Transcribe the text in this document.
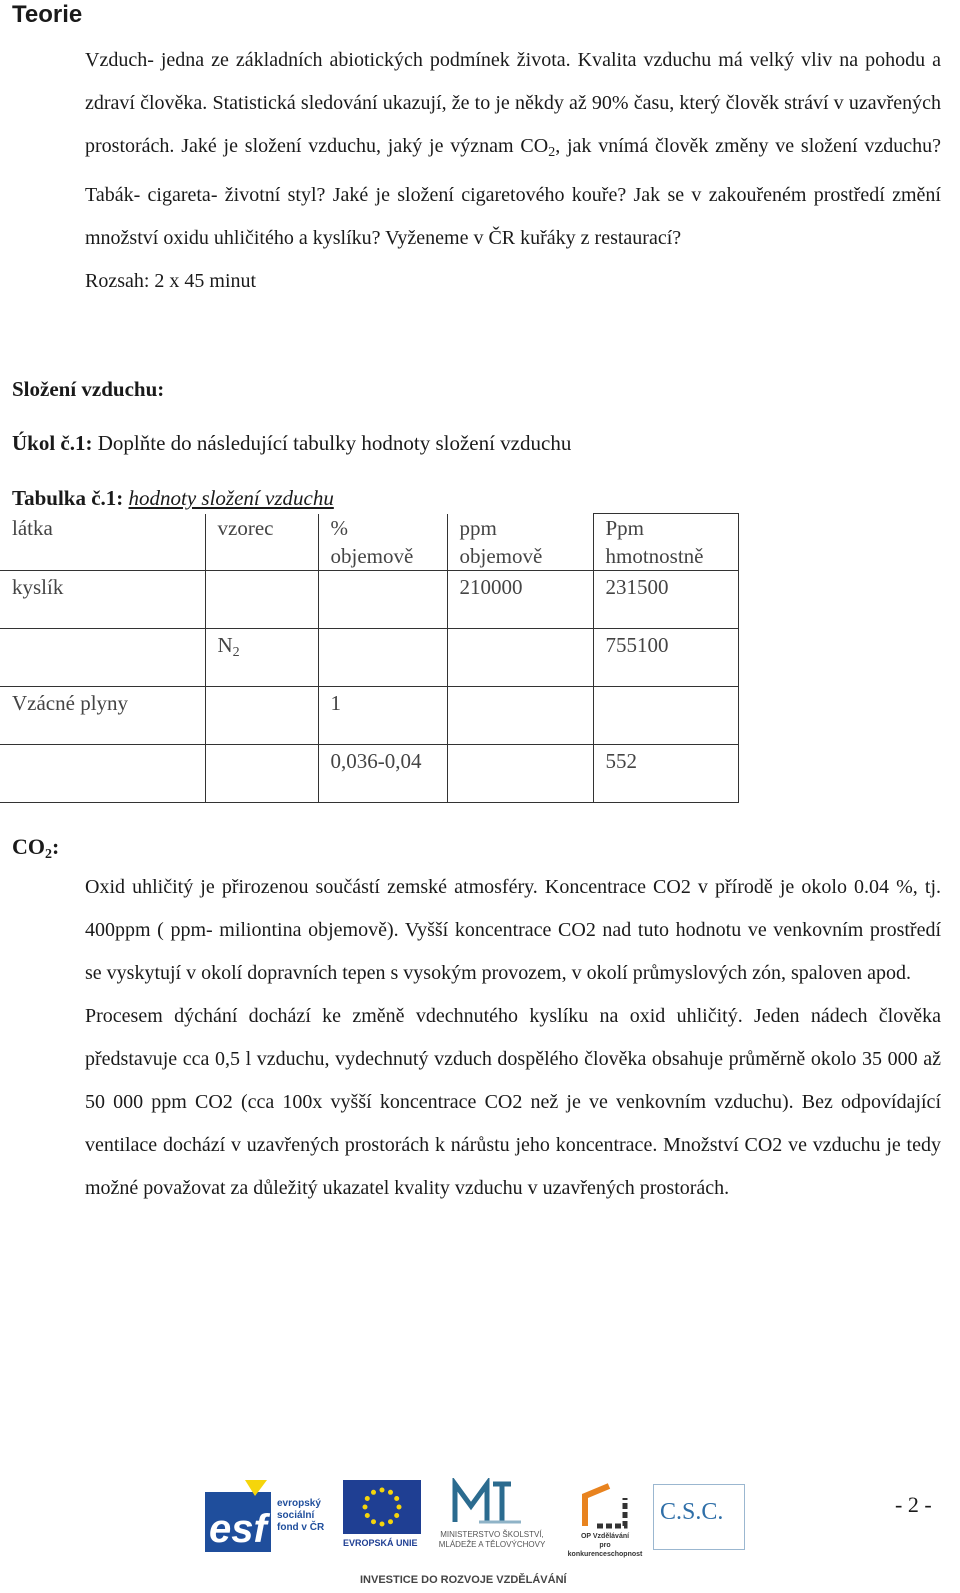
Teorie

Vzduch- jedna ze základních abiotických podmínek života. Kvalita vzduchu má velký vliv na pohodu a zdraví člověka. Statistická sledování ukazují, že to je někdy až 90% času, který člověk stráví v uzavřených prostorách. Jaké je složení vzduchu, jaký je význam $CO_2$, jak vnímá člověk změny ve složení vzduchu? Tabák- cigareta- životní styl? Jaké je složení cigaretového kouře? Jak se v zakouřeném prostředí změní množství oxidu uhličitého a kyslíku? Vyženeme v ČR kuřáky z restaurací?

Rozsah: 2 x 45 minut

Složení vzduchu:
Úkol č.1: Doplňte do následující tabulky hodnoty složení vzduchu
Tabulka č.1: hodnoty složení vzduchu
látka	vzorec	% objemově	ppm objemově	Ppm hmotnostně
kyslík			210000	231500
	$N_2$			755100
Vzácné plyny		1		
		0,036-0,04		552
$CO_2$:

Oxid uhličitý je přirozenou součástí zemské atmosféry. Koncentrace CO2 v přírodě je okolo 0.04 %, tj. 400ppm ( ppm- miliontina objemově). Vyšší koncentrace CO2 nad tuto hodnotu ve venkovním prostředí se vyskytují v okolí dopravních tepen s vysokým provozem, v okolí průmyslových zón, spaloven apod.

Procesem dýchání dochází ke změně vdechnutého kyslíku na oxid uhličitý. Jeden nádech člověka představuje cca 0,5 l vzduchu, vydechnutý vzduch dospělého člověka obsahuje průměrně okolo 35 000 až 50 000 ppm CO2 (cca 100x vyšší koncentrace CO2 než je ve venkovním vzduchu). Bez odpovídající ventilace dochází v uzavřených prostorách k nárůstu jeho koncentrace. Množství CO2 ve vzduchu je tedy možné považovat za důležitý ukazatel kvality vzduchu v uzavřených prostorách.

esf
evropský
sociální
fond v ČR
EVROPSKÁ UNIE
MINISTERSTVO ŠKOLSTVÍ,
MLÁDEŽE A TĚLOVÝCHOVY
OP Vzdělávání
pro konkurenceschopnost
C.S.C.
INVESTICE DO ROZVOJE VZDĚLÁVÁNÍ
- 2 -
